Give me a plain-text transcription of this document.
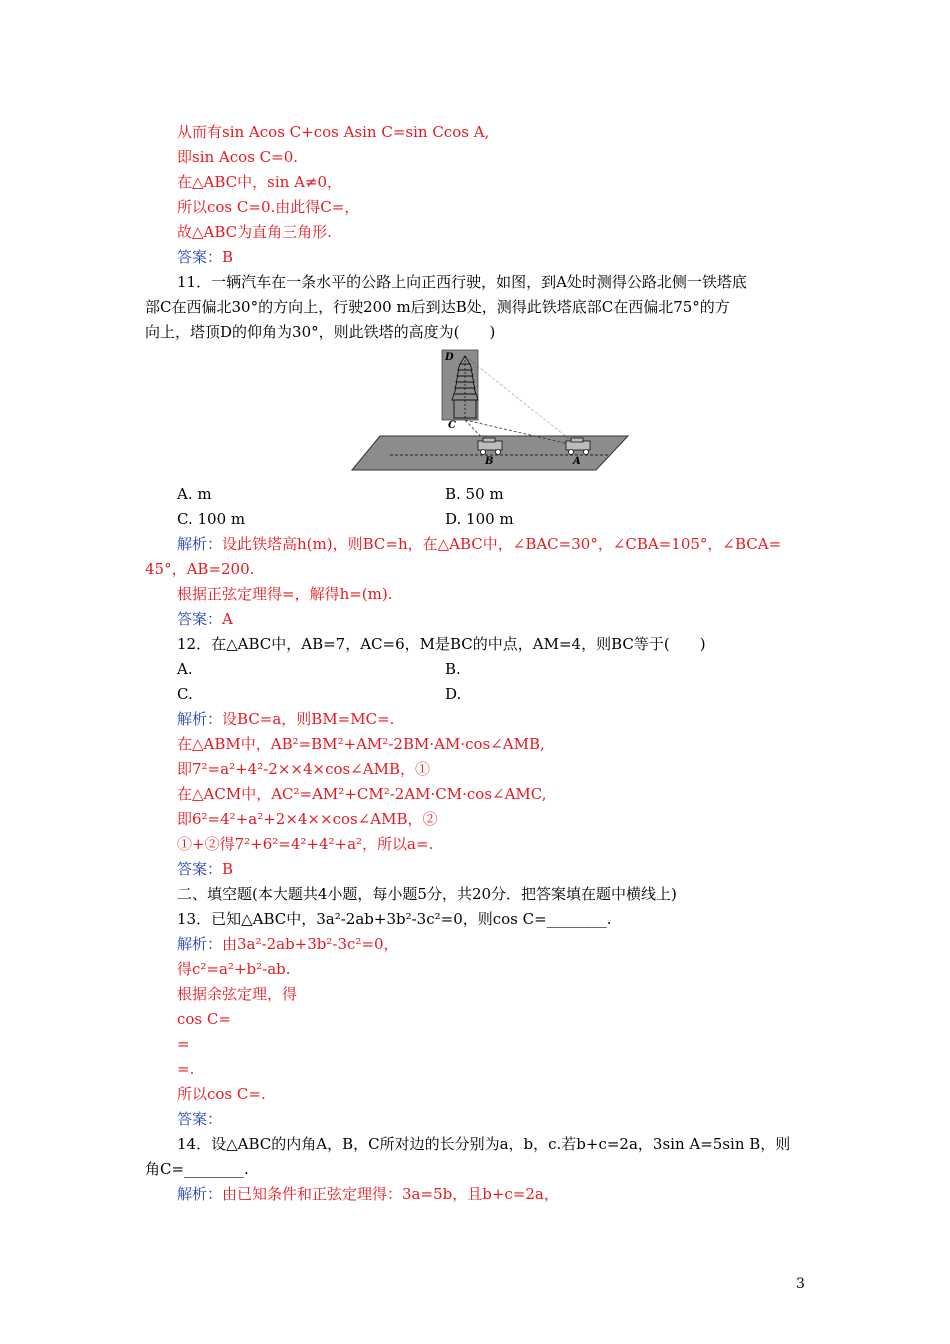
从而有sin Acos C+cos Asin C=sin Ccos A,
即sin Acos C=0.
在△ABC中，sin A≠0，
所以cos C=0.由此得C=，
故△ABC为直角三角形.
答案：B
11．一辆汽车在一条水平的公路上向正西行驶，如图，到A处时测得公路北侧一铁塔底
部C在西偏北30°的方向上，行驶200 m后到达B处，测得此铁塔底部C在西偏北75°的方
向上，塔顶D的仰角为30°，则此铁塔的高度为(　　)
A. m	B. 50 m
C. 100 m	D. 100 m
解析：设此铁塔高h(m)，则BC=h，在△ABC中，∠BAC=30°，∠CBA=105°，∠BCA=
45°，AB=200.
根据正弦定理得=，解得h=(m).
答案：A
12．在△ABC中，AB=7，AC=6，M是BC的中点，AM=4，则BC等于(　　)
A.	B.
C.	D.
解析：设BC=a，则BM=MC=.
在△ABM中，AB²=BM²+AM²-2BM·AM·cos∠AMB,
即7²=a²+4²-2××4×cos∠AMB，①
在△ACM中，AC²=AM²+CM²-2AM·CM·cos∠AMC,
即6²=4²+a²+2×4××cos∠AMB，②
①+②得7²+6²=4²+4²+a²，所以a=.
答案：B
二、填空题(本大题共4小题，每小题5分，共20分．把答案填在题中横线上)
13．已知△ABC中，3a²-2ab+3b²-3c²=0，则cos C=________.
解析：由3a²-2ab+3b²-3c²=0，
得c²=a²+b²-ab.
根据余弦定理，得
cos C=
=
=.
所以cos C=.
答案：
14．设△ABC的内角A，B，C所对边的长分别为a，b，c.若b+c=2a，3sin A=5sin B，则
角C=________.
解析：由已知条件和正弦定理得：3a=5b，且b+c=2a，
D
C
B	A
3
